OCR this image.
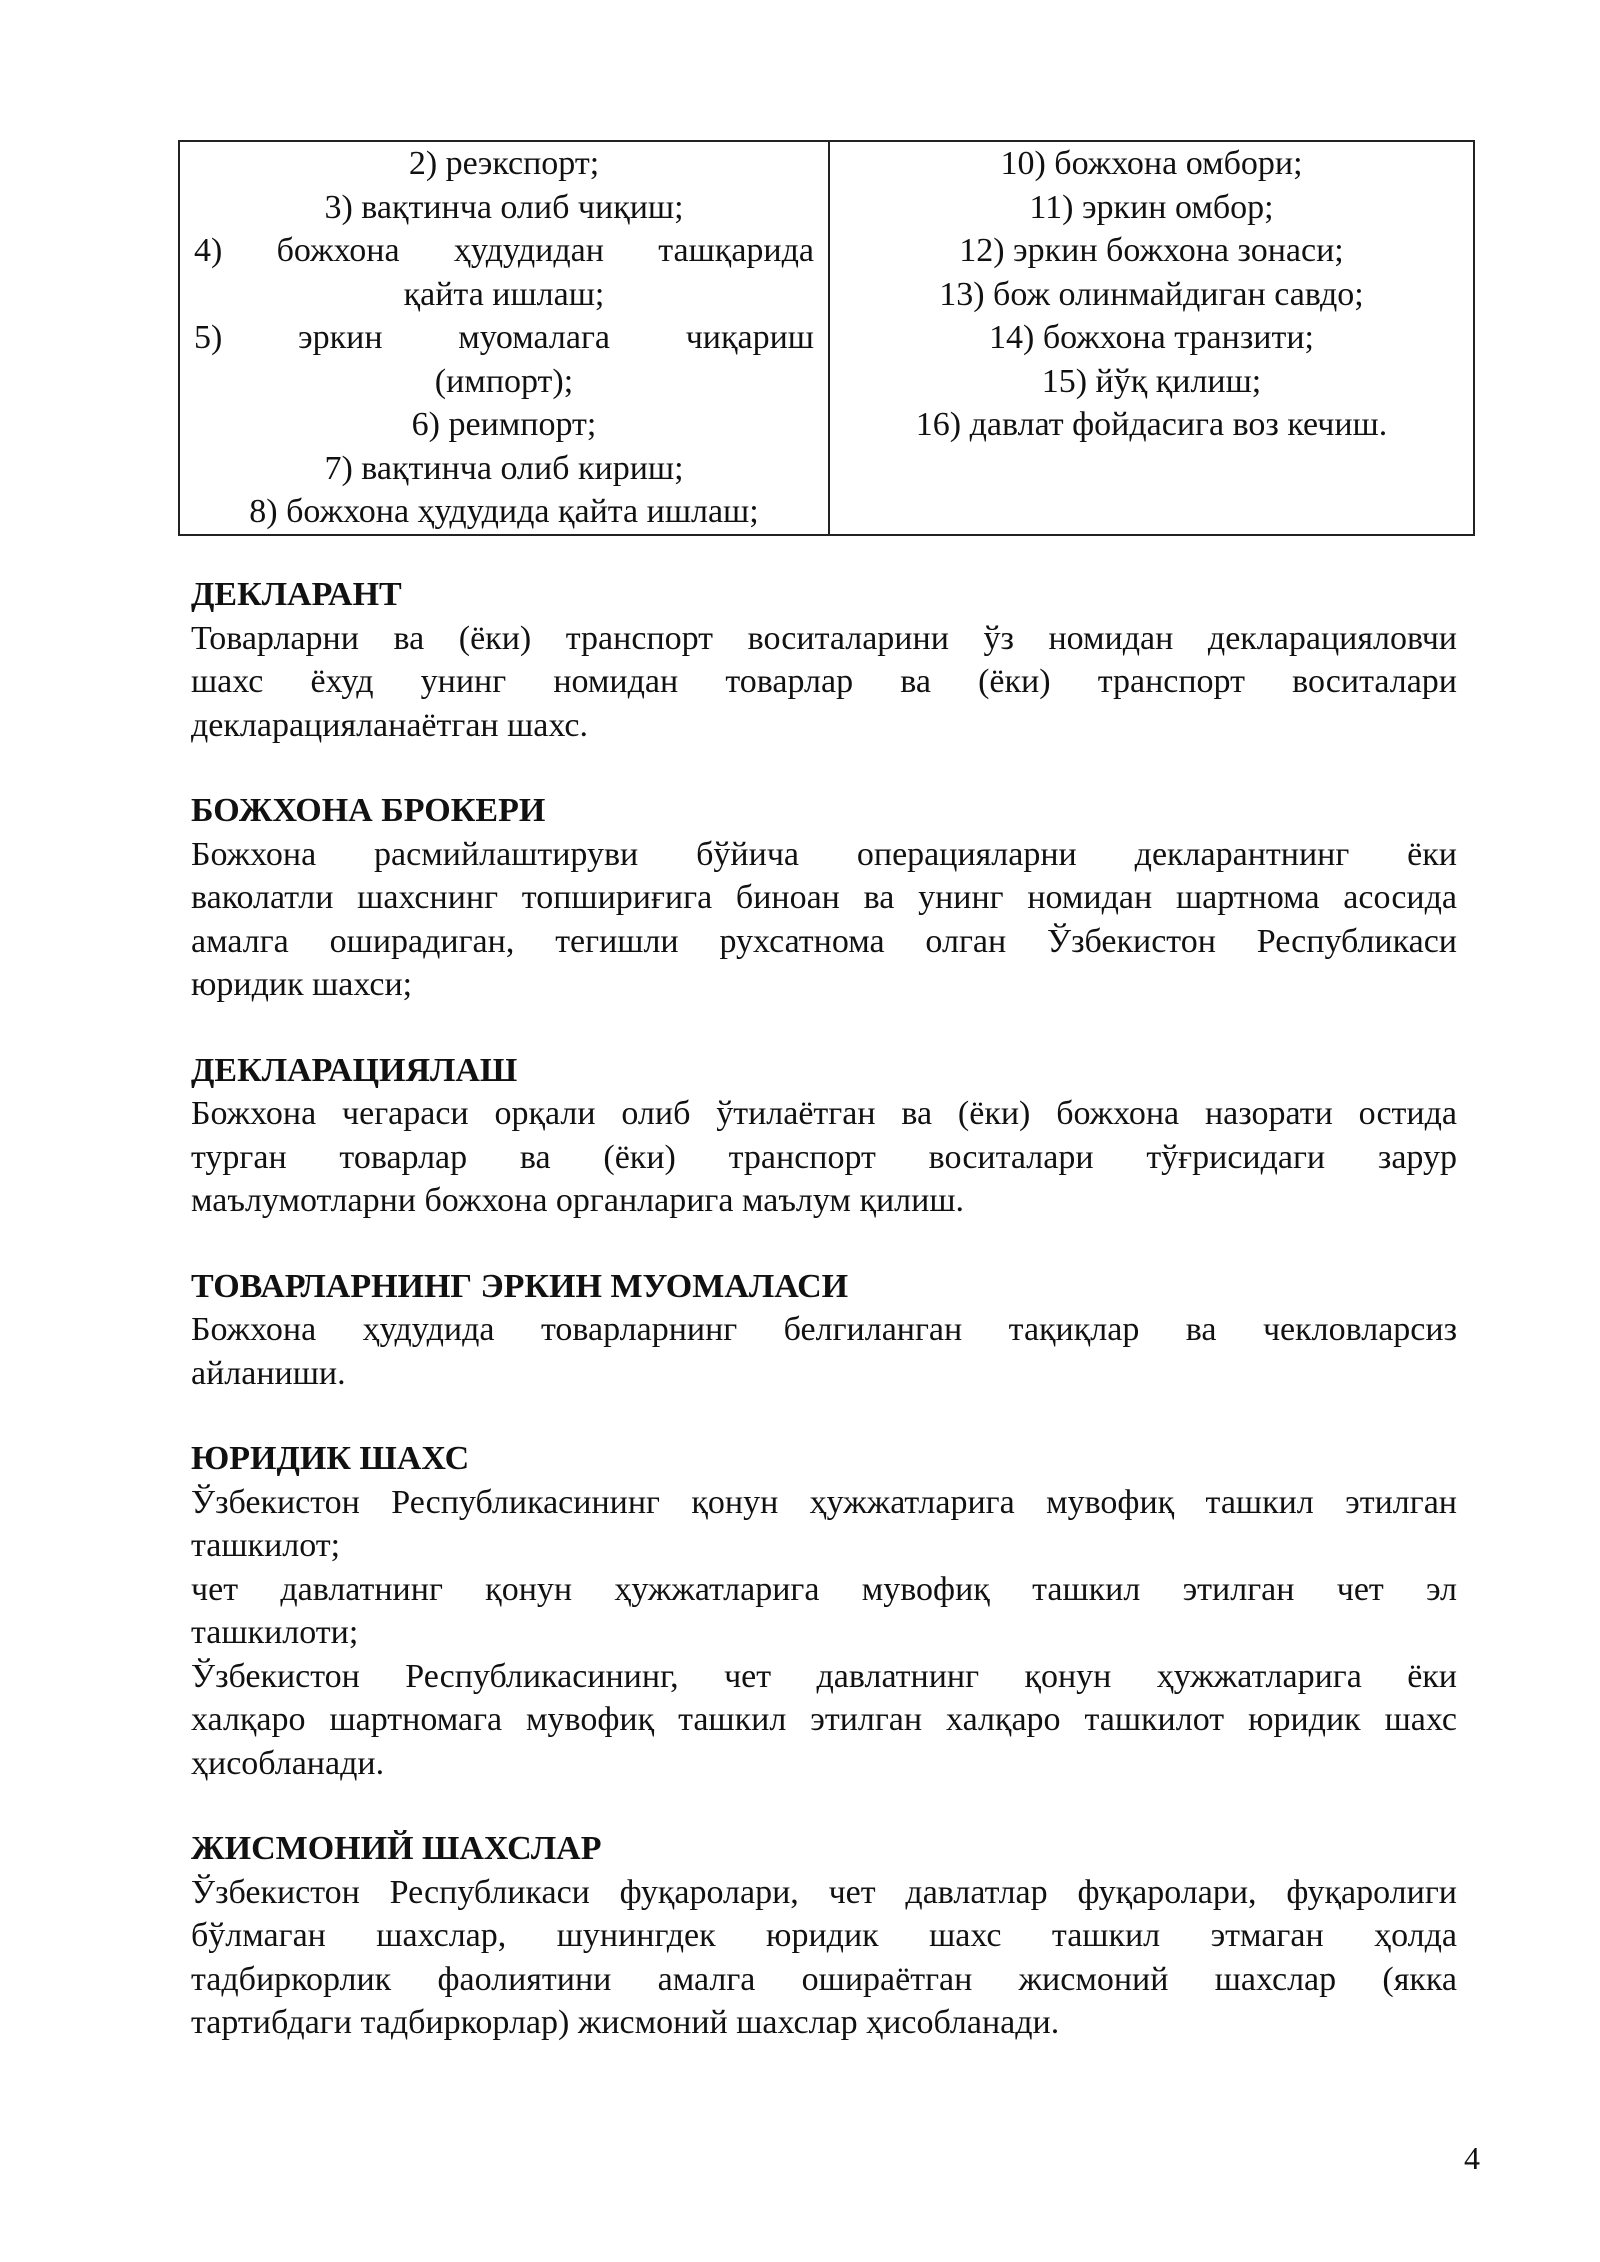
2) реэкспорт;
3) вақтинча олиб чиқиш;
4) божхона ҳудудидан ташқарида
қайта ишлаш;
5) эркин муомалага чиқариш
(импорт);
6) реимпорт;
7) вақтинча олиб кириш;
8) божхона ҳудудида қайта ишлаш;

10) божхона омбори;
11) эркин омбор;
12) эркин божхона зонаси;
13) бож олинмайдиган савдо;
14) божхона транзити;
15) йўқ қилиш;
16) давлат фойдасига воз кечиш.

ДЕКЛАРАНТ

Товарларни ва (ёки) транспорт воситаларини ўз номидан декларацияловчи
шахс ёхуд унинг номидан товарлар ва (ёки) транспорт воситалари
декларацияланаётган шахс.

БОЖХОНА БРОКЕРИ

Божхона расмийлаштируви бўйича операцияларни декларантнинг ёки
ваколатли шахснинг топшириғига биноан ва унинг номидан шартнома асосида
амалга оширадиган, тегишли рухсатнома олган Ўзбекистон Республикаси
юридик шахси;

ДЕКЛАРАЦИЯЛАШ

Божхона чегараси орқали олиб ўтилаётган ва (ёки) божхона назорати остида
турган товарлар ва (ёки) транспорт воситалари тўғрисидаги зарур
маълумотларни божхона органларига маълум қилиш.

ТОВАРЛАРНИНГ ЭРКИН МУОМАЛАСИ

Божхона ҳудудида товарларнинг белгиланган тақиқлар ва чекловларсиз
айланиши.

ЮРИДИК ШАХС

Ўзбекистон Республикасининг қонун ҳужжатларига мувофиқ ташкил этилган
ташкилот;
чет давлатнинг қонун ҳужжатларига мувофиқ ташкил этилган чет эл
ташкилоти;
Ўзбекистон Республикасининг, чет давлатнинг қонун ҳужжатларига ёки
халқаро шартномага мувофиқ ташкил этилган халқаро ташкилот юридик шахс
ҳисобланади.

ЖИСМОНИЙ ШАХСЛАР

Ўзбекистон Республикаси фуқаролари, чет давлатлар фуқаролари, фуқаролиги
бўлмаган шахслар, шунингдек юридик шахс ташкил этмаган ҳолда
тадбиркорлик фаолиятини амалга ошираётган жисмоний шахслар (якка
тартибдаги тадбиркорлар) жисмоний шахслар ҳисобланади.

4
